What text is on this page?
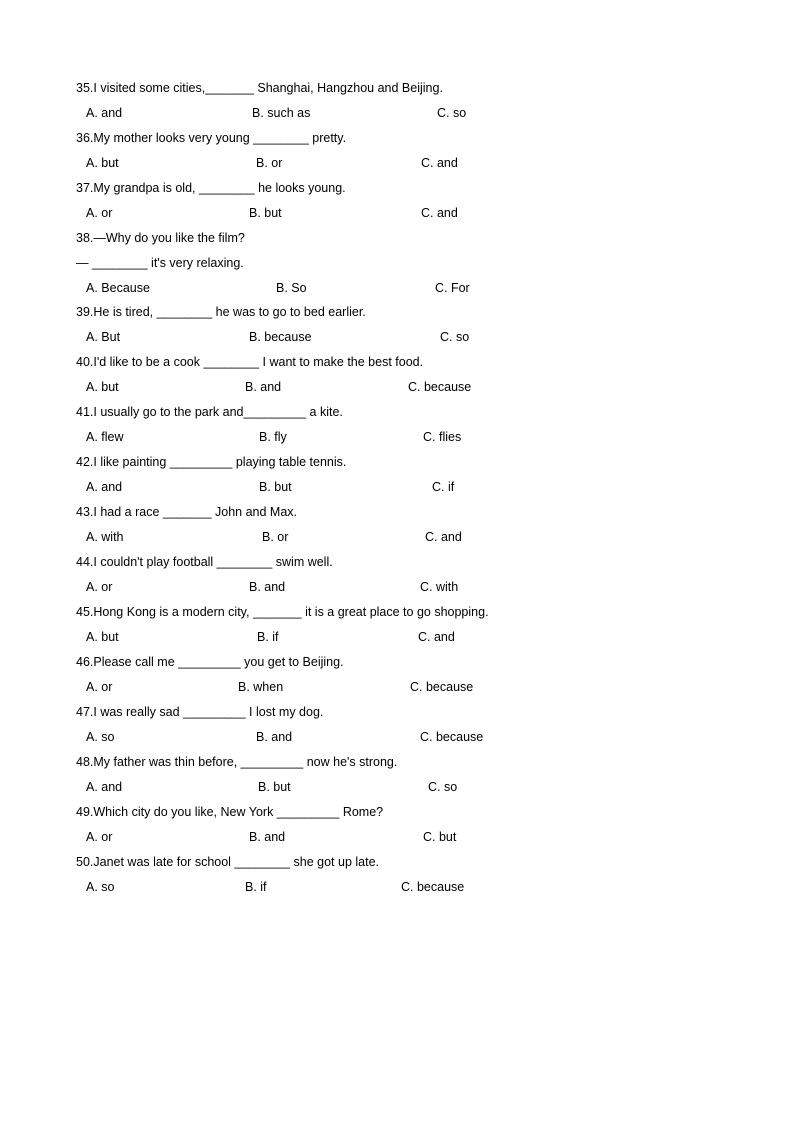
35.I visited some cities,_______ Shanghai, Hangzhou and Beijing.
A. and	B. such as	C. so
36.My mother looks very young ________ pretty.
A. but	B. or	C. and
37.My grandpa is old, ________ he looks young.
A. or	B. but	C. and
38.—Why do you like the film?
— ________ it's very relaxing.
A. Because	B. So	C. For
39.He is tired, ________ he was to go to bed earlier.
A. But	B. because	C. so
40.I'd like to be a cook ________ I want to make the best food.
A. but	B. and	C. because
41.I usually go to the park and_________ a kite.
A. flew	B. fly	C. flies
42.I like painting _________ playing table tennis.
A. and	B. but	C. if
43.I had a race _______ John and Max.
A. with	B. or	C. and
44.I couldn't play football ________ swim well.
A. or	B. and	C. with
45.Hong Kong is a modern city, _______ it is a great place to go shopping.
A. but	B. if	C. and
46.Please call me _________ you get to Beijing.
A. or	B. when	C. because
47.I was really sad _________ I lost my dog.
A. so	B. and	C. because
48.My father was thin before, _________ now he's strong.
A. and	B. but	C. so
49.Which city do you like, New York _________ Rome?
A. or	B. and	C. but
50.Janet was late for school ________ she got up late.
A. so	B. if	C. because
